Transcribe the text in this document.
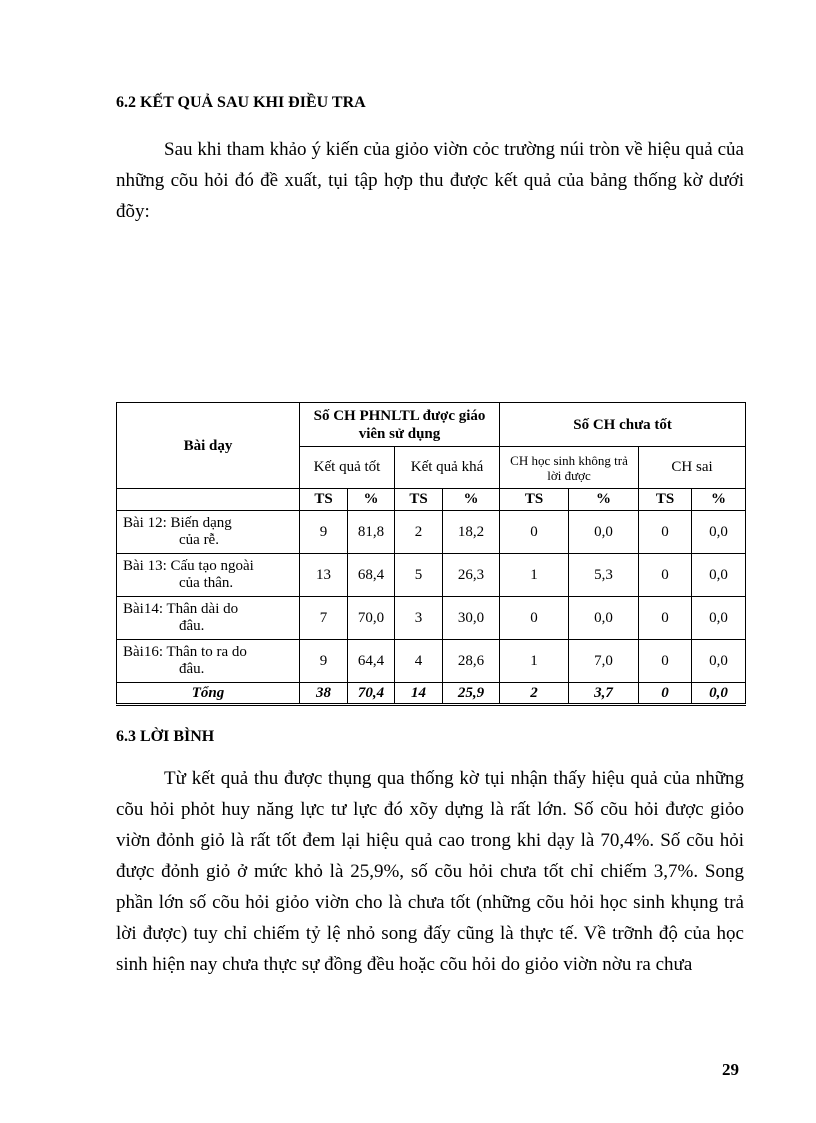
6.2 KẾT QUẢ SAU KHI ĐIỀU TRA

Sau khi tham khảo ý kiến của giỏo viờn cỏc trường núi tròn về hiệu quả của những cõu hỏi đó đề xuất, tụi tập hợp thu được kết quả của bảng thống kờ dưới đõy:

Bài dạy	Số CH PHNLTL được giáo viên sử dụng				Số CH chưa tốt			
	Kết quả tốt		Kết quả khá		CH học sinh không trả lời được		CH sai	
	TS	%	TS	%	TS	%	TS	%
Bài 12: Biến dạng
của rễ.	9	81,8	2	18,2	0	0,0	0	0,0
Bài 13: Cấu tạo ngoài
của thân.	13	68,4	5	26,3	1	5,3	0	0,0
Bài14: Thân dài do
đâu.	7	70,0	3	30,0	0	0,0	0	0,0
Bài16: Thân to ra do
đâu.	9	64,4	4	28,6	1	7,0	0	0,0
Tổng	38	70,4	14	25,9	2	3,7	0	0,0
6.3 LỜI BÌNH

Từ kết quả thu được thụng qua thống kờ tụi nhận thấy hiệu quả của những cõu hỏi phỏt huy năng lực tư lực đó xõy dựng là rất lớn. Số cõu hỏi được giỏo viờn đỏnh giỏ là rất tốt đem lại hiệu quả cao trong khi dạy là 70,4%. Số cõu hỏi được đỏnh giỏ ở mức khỏ là 25,9%, số cõu hỏi chưa tốt chỉ chiếm 3,7%. Song phần lớn số cõu hỏi giỏo viờn cho là chưa tốt (những cõu hỏi học sinh khụng trả lời được) tuy chỉ chiếm tỷ lệ nhỏ song đấy cũng là thực tế. Về trỡnh độ của học sinh hiện nay chưa thực sự đồng đều hoặc cõu hỏi do giỏo viờn nờu ra chưa

29
